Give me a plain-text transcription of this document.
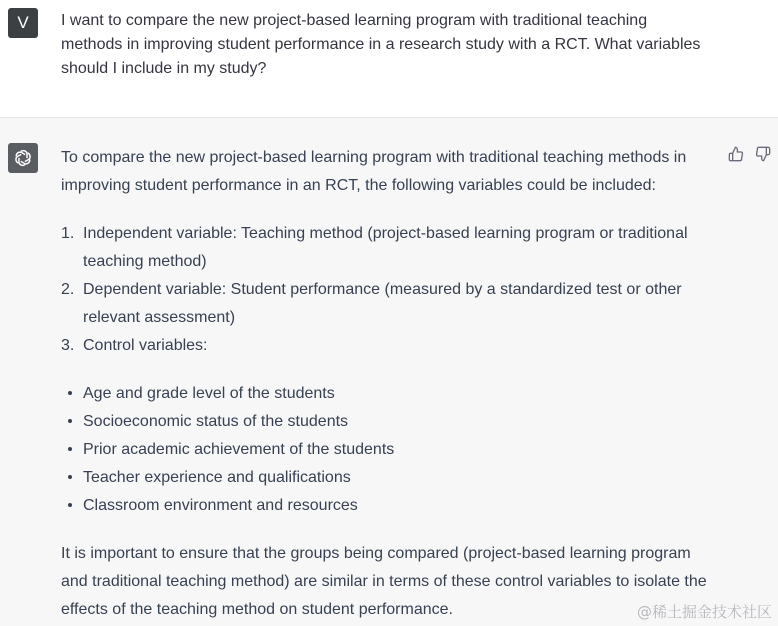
V	I want to compare the new project-based learning program with traditional teaching methods in improving student performance in a research study with a RCT. What variables should I include in my study?

To compare the new project-based learning program with traditional teaching methods in improving student performance in an RCT, the following variables could be included:

1. Independent variable: Teaching method (project-based learning program or traditional teaching method)
2. Dependent variable: Student performance (measured by a standardized test or other relevant assessment)
3. Control variables:
Age and grade level of the students
Socioeconomic status of the students
Prior academic achievement of the students
Teacher experience and qualifications
Classroom environment and resources

It is important to ensure that the groups being compared (project-based learning program and traditional teaching method) are similar in terms of these control variables to isolate the effects of the teaching method on student performance.	@稀土掘金技术社区
